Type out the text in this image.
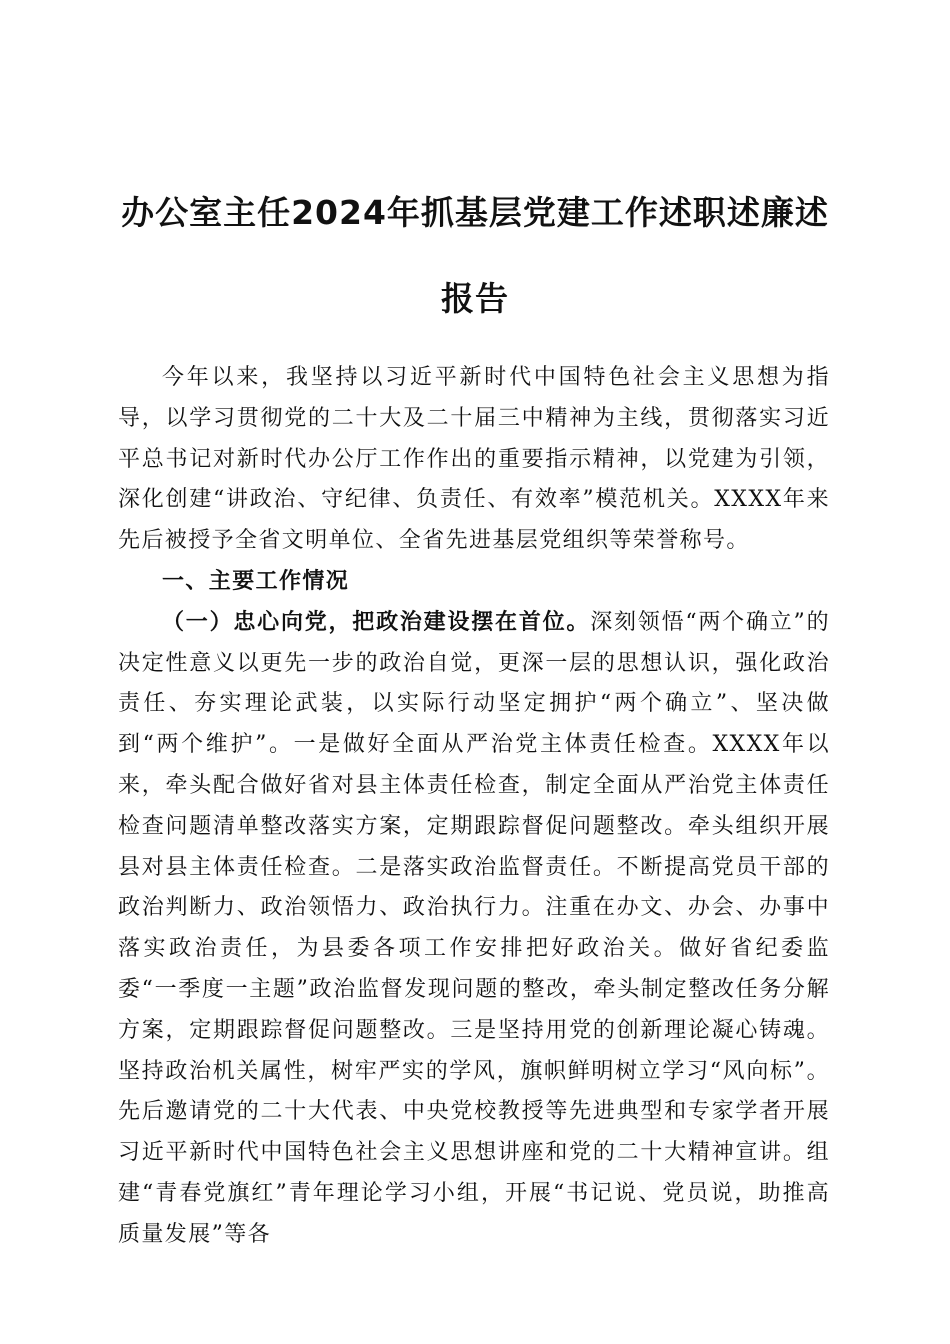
办公室主任2024年抓基层党建工作述职述廉述报告

今年以来，我坚持以习近平新时代中国特色社会主义思想为指导，以学习贯彻党的二十大及二十届三中精神为主线，贯彻落实习近平总书记对新时代办公厅工作作出的重要指示精神，以党建为引领，深化创建“讲政治、守纪律、负责任、有效率”模范机关。XXXX年来先后被授予全省文明单位、全省先进基层党组织等荣誉称号。

一、主要工作情况

（一）忠心向党，把政治建设摆在首位。深刻领悟“两个确立”的决定性意义以更先一步的政治自觉，更深一层的思想认识，强化政治责任、夯实理论武装，以实际行动坚定拥护“两个确立”、坚决做到“两个维护”。一是做好全面从严治党主体责任检查。XXXX年以来，牵头配合做好省对县主体责任检查，制定全面从严治党主体责任检查问题清单整改落实方案，定期跟踪督促问题整改。牵头组织开展县对县主体责任检查。二是落实政治监督责任。不断提高党员干部的政治判断力、政治领悟力、政治执行力。注重在办文、办会、办事中落实政治责任，为县委各项工作安排把好政治关。做好省纪委监委“一季度一主题”政治监督发现问题的整改，牵头制定整改任务分解方案，定期跟踪督促问题整改。三是坚持用党的创新理论凝心铸魂。坚持政治机关属性，树牢严实的学风，旗帜鲜明树立学习“风向标”。先后邀请党的二十大代表、中央党校教授等先进典型和专家学者开展习近平新时代中国特色社会主义思想讲座和党的二十大精神宣讲。组建“青春党旗红”青年理论学习小组，开展“书记说、党员说，助推高质量发展”等各
